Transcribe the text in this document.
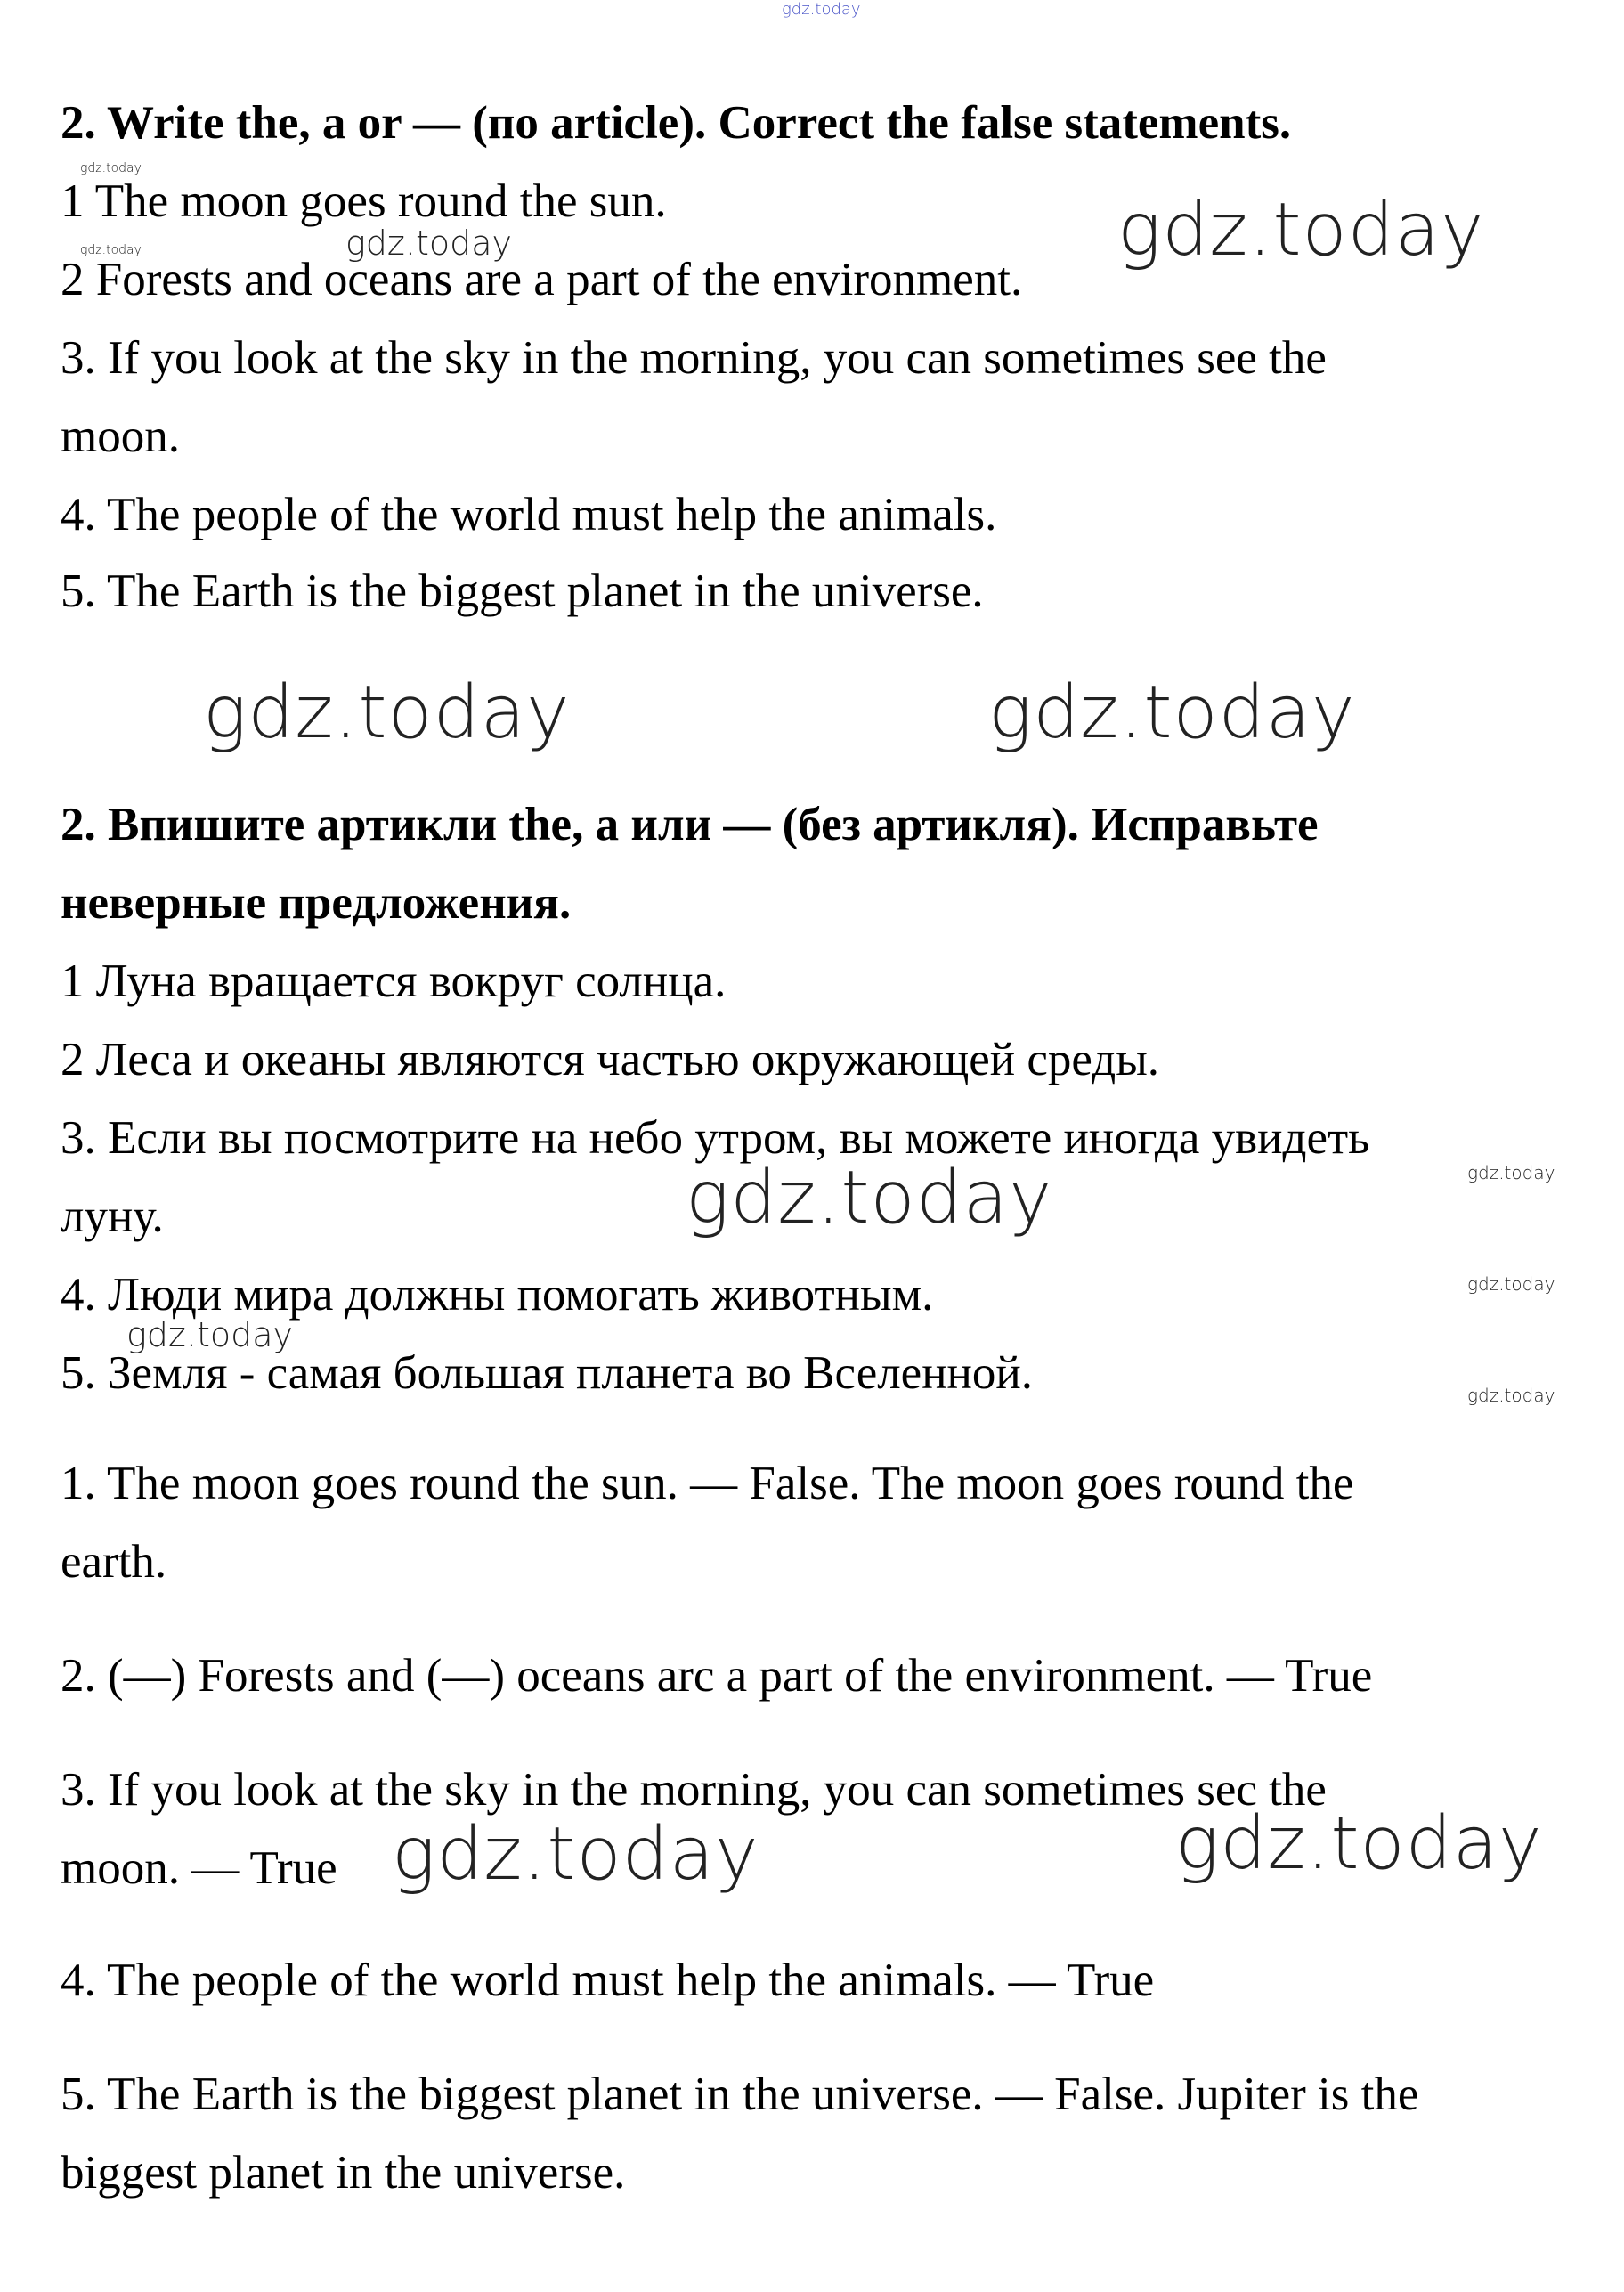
gdz.today
2. Write the, a or — (по article). Correct the false statements.
1 The moon goes round the sun.
2 Forests and oceans are a part of the environment.
3. If you look at the sky in the morning, you can sometimes see the
moon.
4. The people of the world must help the animals.
5. The Earth is the biggest planet in the universe.
2. Впишите артикли the, а или — (без артикля). Исправьте
неверные предложения.
1 Луна вращается вокруг солнца.
2 Леса и океаны являются частью окружающей среды.
3. Если вы посмотрите на небо утром, вы можете иногда увидеть
луну.
4. Люди мира должны помогать животным.
5. Земля - самая большая планета во Вселенной.
1. The moon goes round the sun. — False. The moon goes round the
earth.
2. (—) Forests and (—) oceans arc a part of the environment. — True
3. If you look at the sky in the morning, you can sometimes sec the
moon. — True
4. The people of the world must help the animals. — True
5. The Earth is the biggest planet in the universe. — False. Jupiter is the
biggest planet in the universe.
gdz.today
gdz.today	gdz.today	gdz.today
gdz.today	gdz.today
gdz.today	gdz.today
gdz.today
gdz.today
gdz.today
gdz.today	gdz.today
